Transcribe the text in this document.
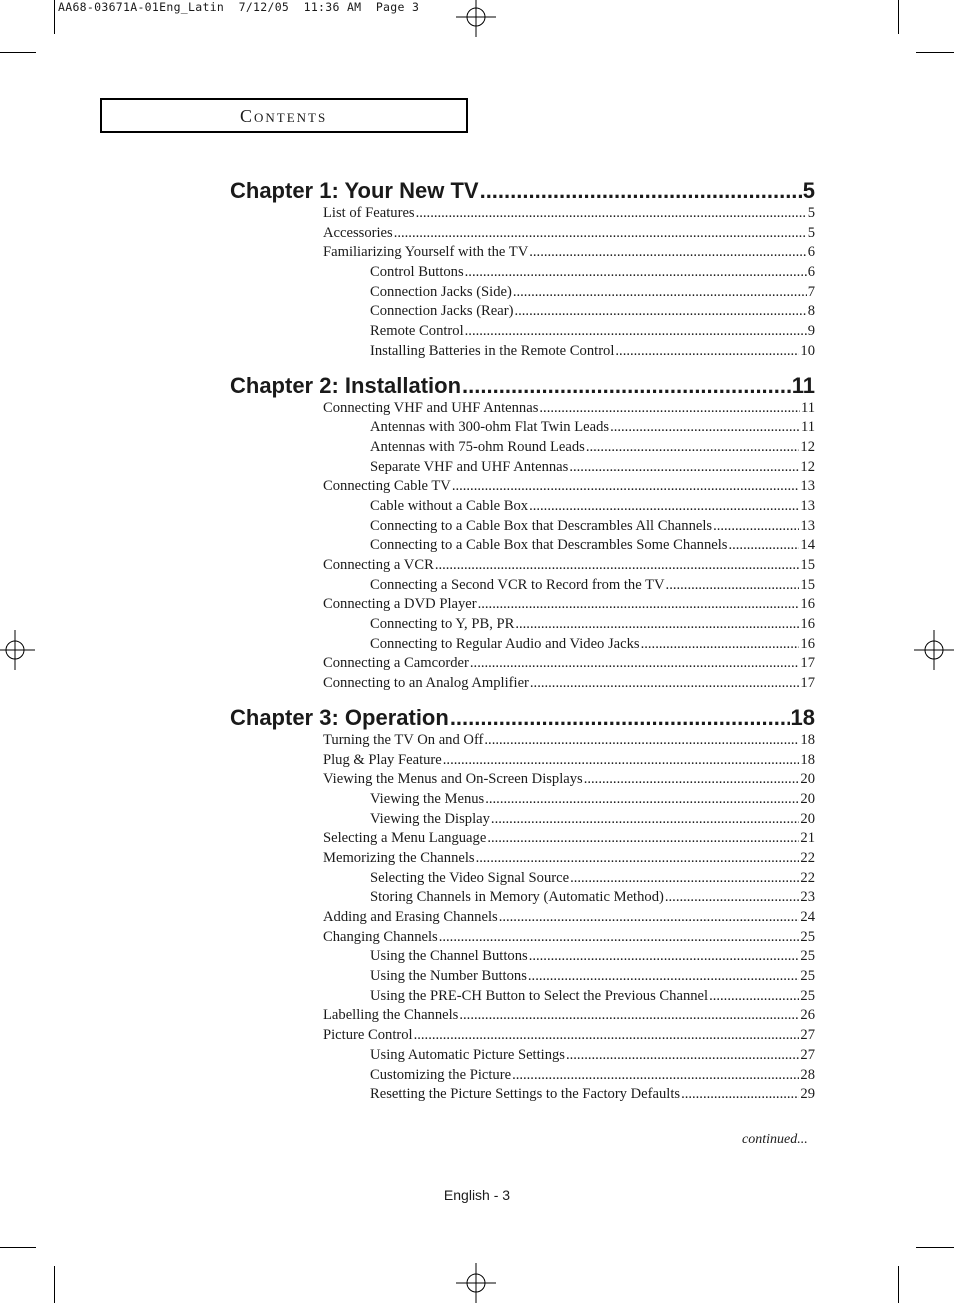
AA68-03671A-01Eng_Latin  7/12/05  11:36 AM  Page 3
Contents
Chapter 1: Your New TV .....	5
List of Features .....	5
Accessories .....	5
Familiarizing Yourself with the TV .....	6
Control Buttons .....	6
Connection Jacks (Side) .....	7
Connection Jacks (Rear) .....	8
Remote Control .....	9
Installing Batteries in the Remote Control .....	10
Chapter 2: Installation .....	11
Connecting VHF and UHF Antennas .....	11
Antennas with 300-ohm Flat Twin Leads .....	11
Antennas with 75-ohm Round Leads .....	12
Separate VHF and UHF Antennas .....	12
Connecting Cable TV .....	13
Cable without a Cable Box .....	13
Connecting to a Cable Box that Descrambles All Channels .....	13
Connecting to a Cable Box that Descrambles Some Channels .....	14
Connecting a VCR .....	15
Connecting a Second VCR to Record from the TV .....	15
Connecting a DVD Player .....	16
Connecting to Y, PB, PR .....	16
Connecting to Regular Audio and Video Jacks .....	16
Connecting a Camcorder .....	17
Connecting to an Analog Amplifier .....	17
Chapter 3: Operation .....	18
Turning the TV On and Off .....	18
Plug & Play Feature .....	18
Viewing the Menus and On-Screen Displays .....	20
Viewing the Menus .....	20
Viewing the Display .....	20
Selecting a Menu Language .....	21
Memorizing the Channels .....	22
Selecting the Video Signal Source .....	22
Storing Channels in Memory (Automatic Method) .....	23
Adding and Erasing Channels .....	24
Changing Channels .....	25
Using the Channel Buttons .....	25
Using the Number Buttons .....	25
Using the PRE-CH Button to Select the Previous Channel .....	25
Labelling the Channels .....	26
Picture Control .....	27
Using Automatic Picture Settings .....	27
Customizing the Picture .....	28
Resetting the Picture Settings to the Factory Defaults .....	29
continued...
English - 3
